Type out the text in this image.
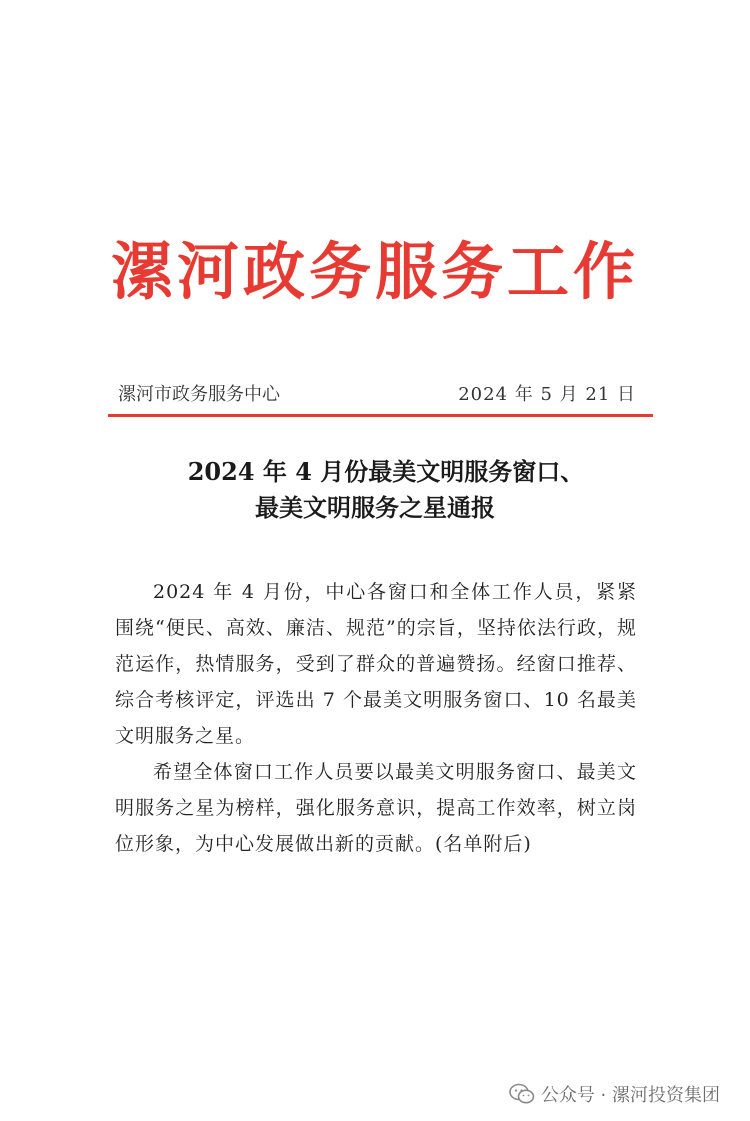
漯河政务服务工作
漯河市政务服务中心	2024 年 5 月 21 日
2024 年 4 月份最美文明服务窗口、
最美文明服务之星通报

2024 年 4 月份，中心各窗口和全体工作人员，紧紧围绕“便民、高效、廉洁、规范”的宗旨，坚持依法行政，规范运作，热情服务，受到了群众的普遍赞扬。经窗口推荐、综合考核评定，评选出 7 个最美文明服务窗口、10 名最美文明服务之星。

希望全体窗口工作人员要以最美文明服务窗口、最美文明服务之星为榜样，强化服务意识，提高工作效率，树立岗位形象，为中心发展做出新的贡献。(名单附后)

公众号 · 漯河投资集团
